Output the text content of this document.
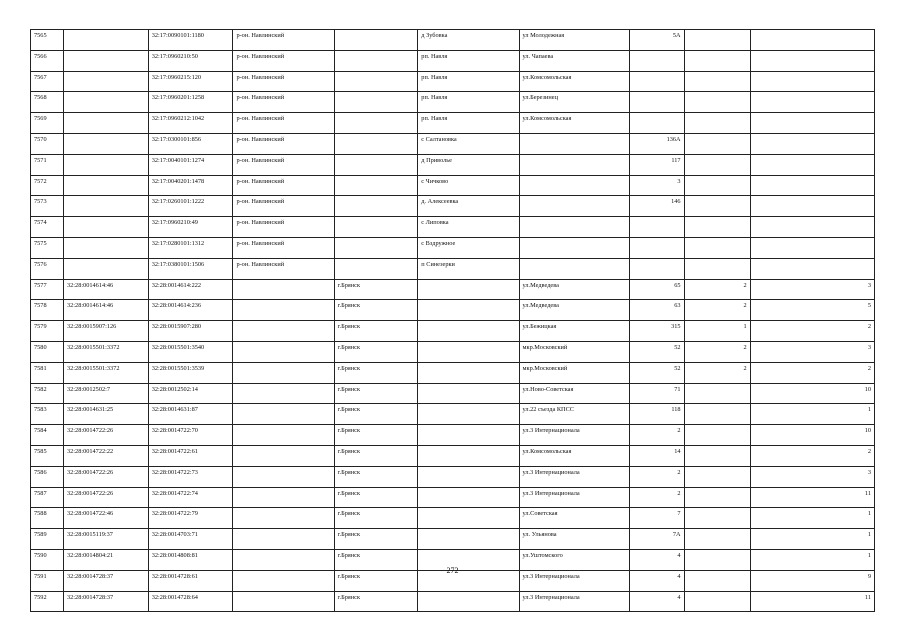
7565		32:17:0090101:1180	р-он. Навлинский		д Зубовка	ул Молодежная	5А		
7566		32:17:0960210:50	р-он. Навлинский		рп. Навля	ул. Чапаева			
7567		32:17:0960215:120	р-он. Навлинский		рп. Навля	ул.Комсомольская			
7568		32:17:0960201:1258	р-он. Навлинский		рп. Навля	ул.Березинец			
7569		32:17:0960212:1042	р-он. Навлинский		рп. Навля	ул.Комсомольская			
7570		32:17:0300101:856	р-он. Навлинский		с Салтановка		136А		
7571		32:17:0040101:1274	р-он. Навлинский		д Приволье		117		
7572		32:17:0040201:1478	р-он. Навлинский		с Чичково		3		
7573		32:17:0260101:1222	р-он. Навлинский		д. Алексеевка		146		
7574		32:17:0960210:49	р-он. Навлинский		с Липовка				
7575		32:17:0280101:1312	р-он. Навлинский		с Вздружное				
7576		32:17:0380101:1506	р-он. Навлинский		п Синезерки				
7577	32:28:0014614:46	32:28:0014614:222		г.Брянск		ул.Медведева	65	2	3
7578	32:28:0014614:46	32:28:0014614:236		г.Брянск		ул.Медведева	63	2	5
7579	32:28:0015907:126	32:28:0015907:280		г.Брянск		ул.Бежицкая	315	1	2
7580	32:28:0015501:3372	32:28:0015501:3540		г.Брянск		мкр.Московский	52	2	3
7581	32:28:0015501:3372	32:28:0015501:3539		г.Брянск		мкр.Московский	52	2	2
7582	32:28:0012502:7	32:28:0012502:14		г.Брянск		ул.Ново-Советская	71		10
7583	32:28:0014631:25	32:28:0014631:87		г.Брянск		ул.22 съезда КПСС	118		1
7584	32:28:0014722:26	32:28:0014722:70		г.Брянск		ул.3 Интернационала	2		10
7585	32:28:0014722:22	32:28:0014722:61		г.Брянск		ул.Комсомольская	14		2
7586	32:28:0014722:26	32:28:0014722:73		г.Брянск		ул.3 Интернационала	2		3
7587	32:28:0014722:26	32:28:0014722:74		г.Брянск		ул.3 Интернационала	2		11
7588	32:28:0014722:46	32:28:0014722:79		г.Брянск		ул.Советская	7		1
7589	32:28:0015119:37	32:28:0014703:71		г.Брянск		ул. Ульянова	7А		1
7590	32:28:0014804:21	32:28:0014808:81		г.Брянск		ул.Уштомского	4		1
7591	32:28:0014728:37	32:28:0014728:61		г.Брянск		ул.3 Интернационала	4		9
7592	32:28:0014728:37	32:28:0014728:64		г.Брянск		ул.3 Интернационала	4		11
272
